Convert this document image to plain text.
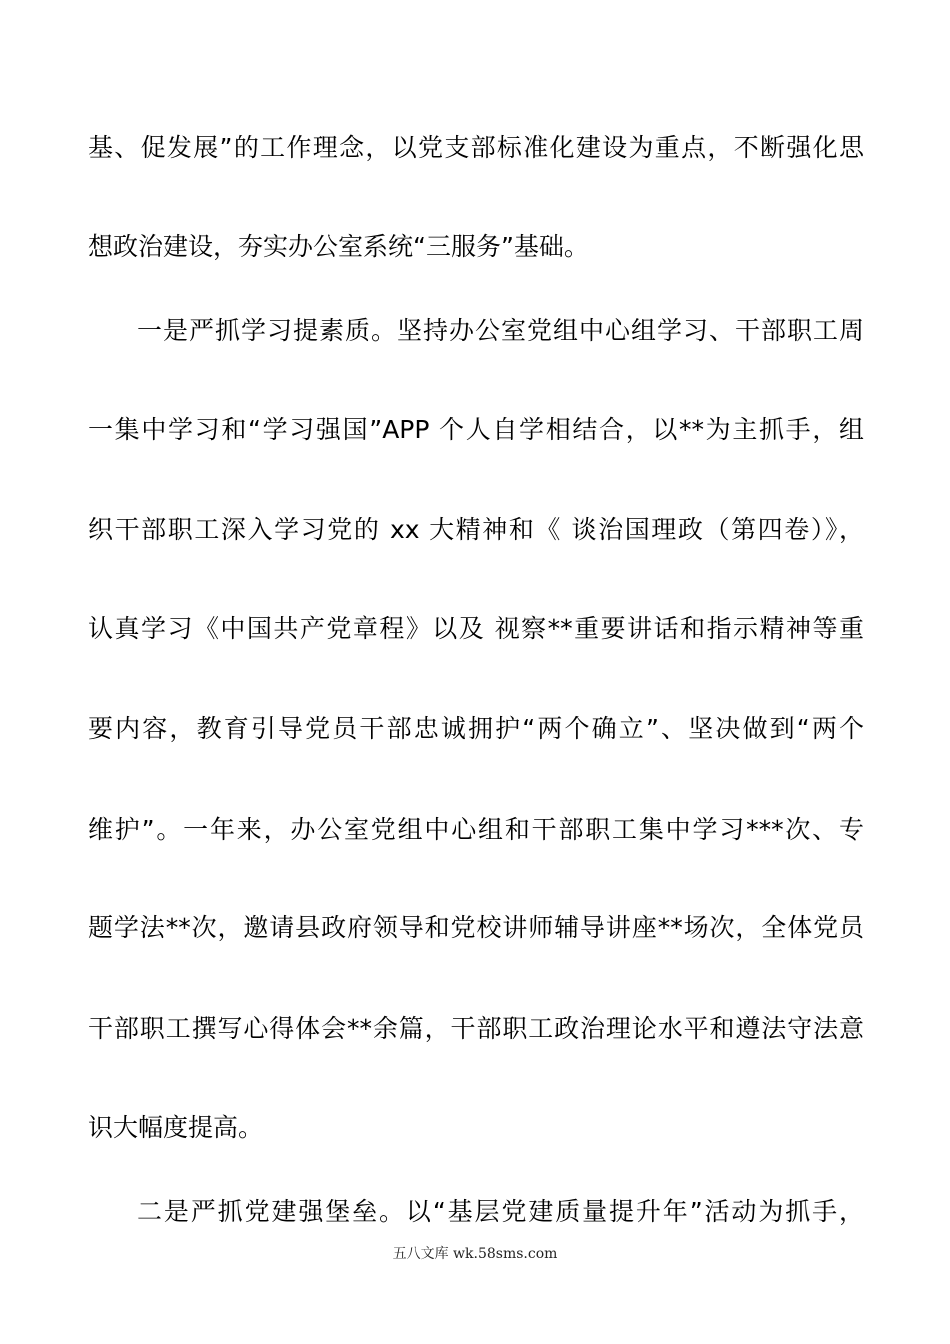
基、促发展”的工作理念，以党支部标准化建设为重点，不断强化思
想政治建设，夯实办公室系统“三服务”基础。
一是严抓学习提素质。坚持办公室党组中心组学习、干部职工周
一集中学习和“学习强国”APP 个人自学相结合，以**为主抓手，组
织干部职工深入学习党的 xx 大精神和《 谈治国理政（第四卷）》，
认真学习《中国共产党章程》以及 视察**重要讲话和指示精神等重
要内容，教育引导党员干部忠诚拥护“两个确立”、坚决做到“两个
维护”。一年来，办公室党组中心组和干部职工集中学习***次、专
题学法**次，邀请县政府领导和党校讲师辅导讲座**场次，全体党员
干部职工撰写心得体会**余篇，干部职工政治理论水平和遵法守法意
识大幅度提高。
二是严抓党建强堡垒。以“基层党建质量提升年”活动为抓手，
五八文库 wk.58sms.com
